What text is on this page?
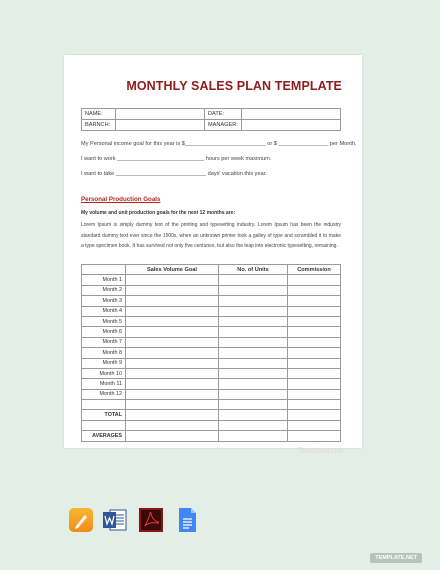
MONTHLY SALES PLAN TEMPLATE
NAME:		DATE:	
BARNCH:		MANAGER:	
My Personal income goal for this year is $__________________________ or $ ________________ per Month.
I want to work ____________________________ hours per week maximum.
I want to take _____________________________ days' vacation this year.
Personal Production Goals
My volume and unit production goals for the next 12 months are:
Lorem Ipsum is simply dummy text of the printing and typesetting industry. Lorem Ipsum has been the industry standard dummy text ever since the 1500s, when an unknown printer took a galley of type and scrambled it to make a type specimen book. It has survived not only five centuries, but also the leap into electronic typesetting, remaining.
	Sales Volume Goal	No. of Units	Commission
Month 1			
Month 2			
Month 3			
Month 4			
Month 5			
Month 6			
Month 7			
Month 8			
Month 9			
Month 10			
Month 11			
Month 12			

TOTAL			

AVERAGES			
Template.net
TEMPLATE.NET
